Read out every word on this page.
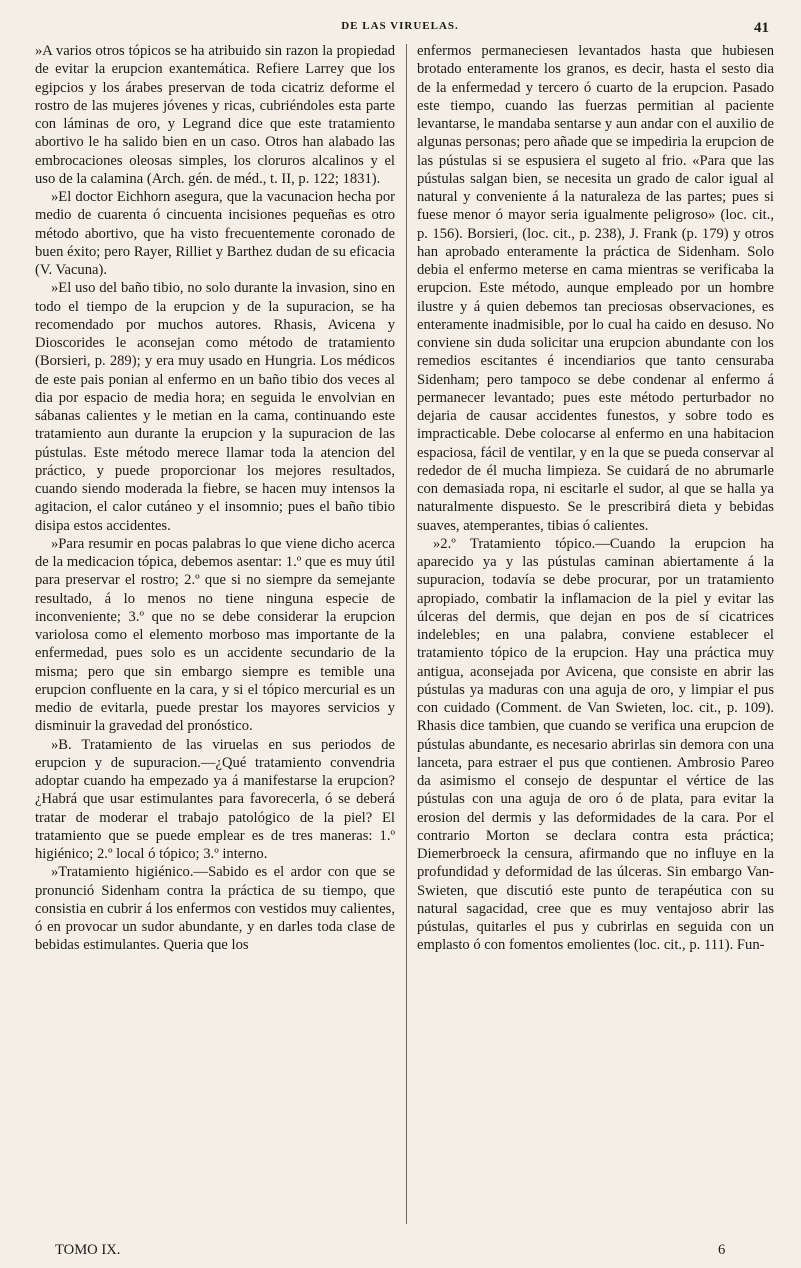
DE LAS VIRUELAS.	41

»A varios otros tópicos se ha atribuido sin razon la propiedad de evitar la erupcion exantemática. Refiere Larrey que los egipcios y los árabes preservan de toda cicatriz deforme el rostro de las mujeres jóvenes y ricas, cubriéndoles esta parte con láminas de oro, y Legrand dice que este tratamiento abortivo le ha salido bien en un caso. Otros han alabado las embrocaciones oleosas simples, los cloruros alcalinos y el uso de la calamina (Arch. gén. de méd., t. II, p. 122; 1831).

»El doctor Eichhorn asegura, que la vacunacion hecha por medio de cuarenta ó cincuenta incisiones pequeñas es otro método abortivo, que ha visto frecuentemente coronado de buen éxito; pero Rayer, Rilliet y Barthez dudan de su eficacia (V. Vacuna).

»El uso del baño tibio, no solo durante la invasion, sino en todo el tiempo de la erupcion y de la supuracion, se ha recomendado por muchos autores. Rhasis, Avicena y Dioscorides le aconsejan como método de tratamiento (Borsieri, p. 289); y era muy usado en Hungria. Los médicos de este pais ponian al enfermo en un baño tibio dos veces al dia por espacio de media hora; en seguida le envolvian en sábanas calientes y le metian en la cama, continuando este tratamiento aun durante la erupcion y la supuracion de las pústulas. Este método merece llamar toda la atencion del práctico, y puede proporcionar los mejores resultados, cuando siendo moderada la fiebre, se hacen muy intensos la agitacion, el calor cutáneo y el insomnio; pues el baño tibio disipa estos accidentes.

»Para resumir en pocas palabras lo que viene dicho acerca de la medicacion tópica, debemos asentar: 1.º que es muy útil para preservar el rostro; 2.º que si no siempre da semejante resultado, á lo menos no tiene ninguna especie de inconveniente; 3.º que no se debe considerar la erupcion variolosa como el elemento morboso mas importante de la enfermedad, pues solo es un accidente secundario de la misma; pero que sin embargo siempre es temible una erupcion confluente en la cara, y si el tópico mercurial es un medio de evitarla, puede prestar los mayores servicios y disminuir la gravedad del pronóstico.

»B. Tratamiento de las viruelas en sus periodos de erupcion y de supuracion.—¿Qué tratamiento convendria adoptar cuando ha empezado ya á manifestarse la erupcion? ¿Habrá que usar estimulantes para favorecerla, ó se deberá tratar de moderar el trabajo patológico de la piel? El tratamiento que se puede emplear es de tres maneras: 1.º higiénico; 2.º local ó tópico; 3.º interno.

»Tratamiento higiénico.—Sabido es el ardor con que se pronunció Sidenham contra la práctica de su tiempo, que consistia en cubrir á los enfermos con vestidos muy calientes, ó en provocar un sudor abundante, y en darles toda clase de bebidas estimulantes. Queria que los

enfermos permaneciesen levantados hasta que hubiesen brotado enteramente los granos, es decir, hasta el sesto dia de la enfermedad y tercero ó cuarto de la erupcion. Pasado este tiempo, cuando las fuerzas permitian al paciente levantarse, le mandaba sentarse y aun andar con el auxilio de algunas personas; pero añade que se impediria la erupcion de las pústulas si se espusiera el sugeto al frio. «Para que las pústulas salgan bien, se necesita un grado de calor igual al natural y conveniente á la naturaleza de las partes; pues si fuese menor ó mayor seria igualmente peligroso» (loc. cit., p. 156). Borsieri, (loc. cit., p. 238), J. Frank (p. 179) y otros han aprobado enteramente la práctica de Sidenham. Solo debia el enfermo meterse en cama mientras se verificaba la erupcion. Este método, aunque empleado por un hombre ilustre y á quien debemos tan preciosas observaciones, es enteramente inadmisible, por lo cual ha caido en desuso. No conviene sin duda solicitar una erupcion abundante con los remedios escitantes é incendiarios que tanto censuraba Sidenham; pero tampoco se debe condenar al enfermo á permanecer levantado; pues este método perturbador no dejaria de causar accidentes funestos, y sobre todo es impracticable. Debe colocarse al enfermo en una habitacion espaciosa, fácil de ventilar, y en la que se pueda conservar al rededor de él mucha limpieza. Se cuidará de no abrumarle con demasiada ropa, ni escitarle el sudor, al que se halla ya naturalmente dispuesto. Se le prescribirá dieta y bebidas suaves, atemperantes, tibias ó calientes.

»2.º Tratamiento tópico.—Cuando la erupcion ha aparecido ya y las pústulas caminan abiertamente á la supuracion, todavía se debe procurar, por un tratamiento apropiado, combatir la inflamacion de la piel y evitar las úlceras del dermis, que dejan en pos de sí cicatrices indelebles; en una palabra, conviene establecer el tratamiento tópico de la erupcion. Hay una práctica muy antigua, aconsejada por Avicena, que consiste en abrir las pústulas ya maduras con una aguja de oro, y limpiar el pus con cuidado (Comment. de Van Swieten, loc. cit., p. 109). Rhasis dice tambien, que cuando se verifica una erupcion de pústulas abundante, es necesario abrirlas sin demora con una lanceta, para estraer el pus que contienen. Ambrosio Pareo da asimismo el consejo de despuntar el vértice de las pústulas con una aguja de oro ó de plata, para evitar la erosion del dermis y las deformidades de la cara. Por el contrario Morton se declara contra esta práctica; Diemerbroeck la censura, afirmando que no influye en la profundidad y deformidad de las úlceras. Sin embargo Van-Swieten, que discutió este punto de terapéutica con su natural sagacidad, cree que es muy ventajoso abrir las pústulas, quitarles el pus y cubrirlas en seguida con un emplasto ó con fomentos emolientes (loc. cit., p. 111). Fun-

TOMO IX.	6
